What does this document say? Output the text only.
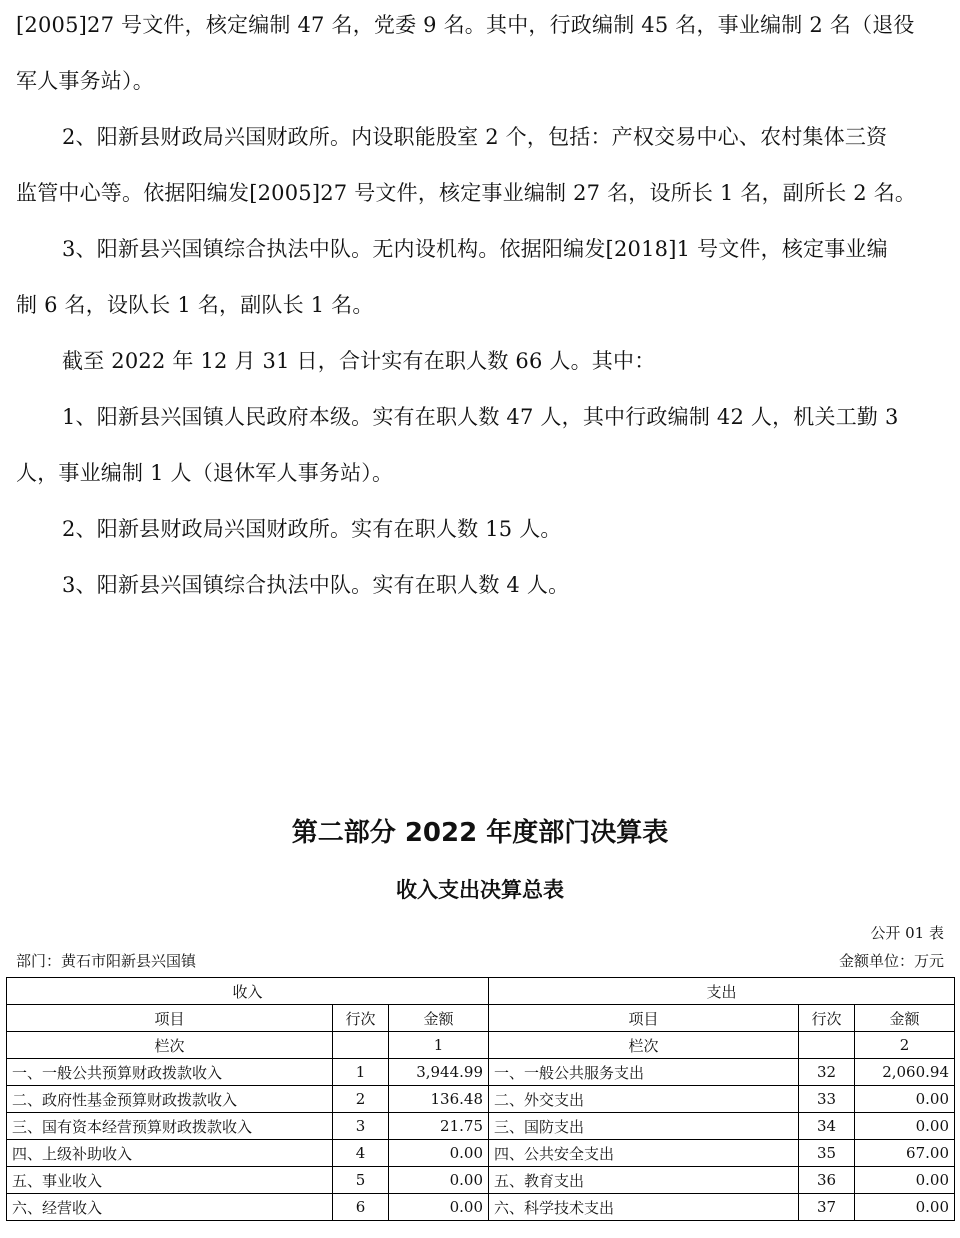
[2005]27 号文件，核定编制 47 名，党委 9 名。其中，行政编制 45 名，事业编制 2 名（退役
军人事务站）。
2、阳新县财政局兴国财政所。内设职能股室 2 个，包括：产权交易中心、农村集体三资
监管中心等。依据阳编发[2005]27 号文件，核定事业编制 27 名，设所长 1 名，副所长 2 名。
3、阳新县兴国镇综合执法中队。无内设机构。依据阳编发[2018]1 号文件，核定事业编
制 6 名，设队长 1 名，副队长 1 名。
截至 2022 年 12 月 31 日，合计实有在职人数 66 人。其中：
1、阳新县兴国镇人民政府本级。实有在职人数 47 人，其中行政编制 42 人，机关工勤 3
人，事业编制 1 人（退休军人事务站）。
2、阳新县财政局兴国财政所。实有在职人数 15 人。
3、阳新县兴国镇综合执法中队。实有在职人数 4 人。
第二部分 2022 年度部门决算表
收入支出决算总表
公开 01 表
部门：黄石市阳新县兴国镇	金额单位：万元
收入			支出		
项目	行次	金额	项目	行次	金额
栏次		1	栏次		2
一、一般公共预算财政拨款收入	1	3,944.99	一、一般公共服务支出	32	2,060.94
二、政府性基金预算财政拨款收入	2	136.48	二、外交支出	33	0.00
三、国有资本经营预算财政拨款收入	3	21.75	三、国防支出	34	0.00
四、上级补助收入	4	0.00	四、公共安全支出	35	67.00
五、事业收入	5	0.00	五、教育支出	36	0.00
六、经营收入	6	0.00	六、科学技术支出	37	0.00
